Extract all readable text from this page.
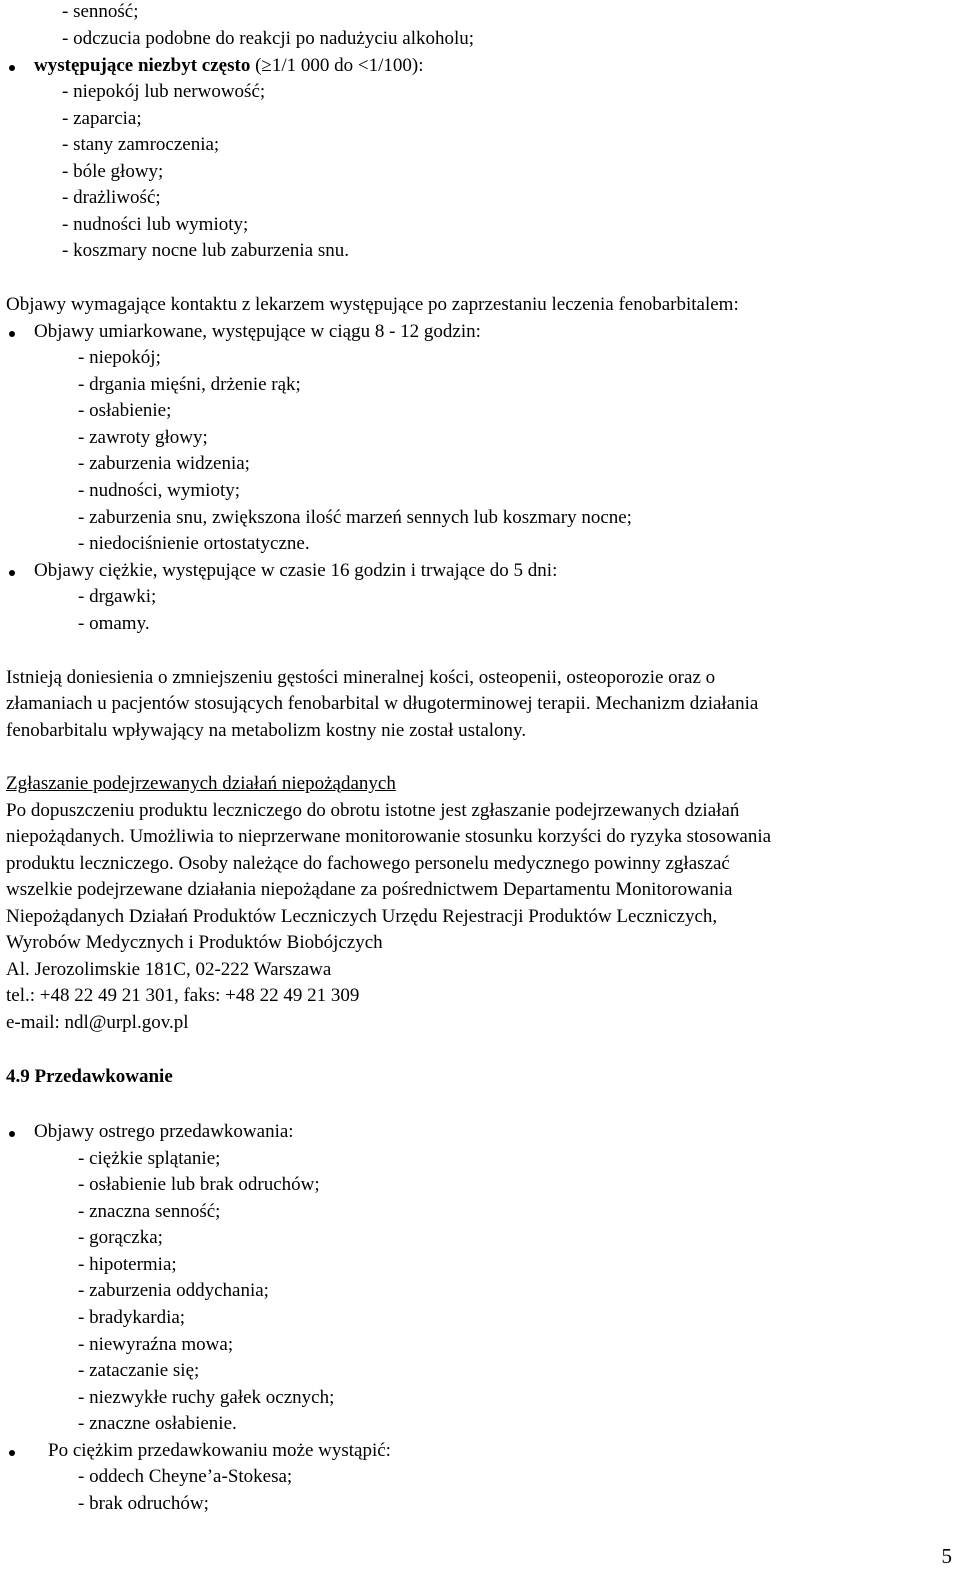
- senność;
- odczucia podobne do reakcji po nadużyciu alkoholu;
występujące niezbyt często (≥1/1 000 do <1/100):
- niepokój lub nerwowość;
- zaparcia;
- stany zamroczenia;
- bóle głowy;
- drażliwość;
- nudności lub wymioty;
- koszmary nocne lub zaburzenia snu.
Objawy wymagające kontaktu z lekarzem występujące po zaprzestaniu leczenia fenobarbitalem:
Objawy umiarkowane, występujące w ciągu 8 - 12 godzin:
- niepokój;
- drgania mięśni, drżenie rąk;
- osłabienie;
- zawroty głowy;
- zaburzenia widzenia;
- nudności, wymioty;
- zaburzenia snu, zwiększona ilość marzeń sennych lub koszmary nocne;
- niedociśnienie ortostatyczne.
Objawy ciężkie, występujące w czasie 16 godzin i trwające do 5 dni:
- drgawki;
- omamy.
Istnieją doniesienia o zmniejszeniu gęstości mineralnej kości, osteopenii, osteoporozie oraz o
złamaniach u pacjentów stosujących fenobarbital w długoterminowej terapii. Mechanizm działania
fenobarbitalu wpływający na metabolizm kostny nie został ustalony.
Zgłaszanie podejrzewanych działań niepożądanych
Po dopuszczeniu produktu leczniczego do obrotu istotne jest zgłaszanie podejrzewanych działań
niepożądanych. Umożliwia to nieprzerwane monitorowanie stosunku korzyści do ryzyka stosowania
produktu leczniczego. Osoby należące do fachowego personelu medycznego powinny zgłaszać
wszelkie podejrzewane działania niepożądane za pośrednictwem Departamentu Monitorowania
Niepożądanych Działań Produktów Leczniczych Urzędu Rejestracji Produktów Leczniczych,
Wyrobów Medycznych i Produktów Biobójczych
Al. Jerozolimskie 181C, 02-222 Warszawa
tel.: +48 22 49 21 301, faks: +48 22 49 21 309
e-mail: ndl@urpl.gov.pl
4.9 Przedawkowanie
Objawy ostrego przedawkowania:
- ciężkie splątanie;
- osłabienie lub brak odruchów;
- znaczna senność;
- gorączka;
- hipotermia;
- zaburzenia oddychania;
- bradykardia;
- niewyraźna mowa;
- zataczanie się;
- niezwykłe ruchy gałek ocznych;
- znaczne osłabienie.
Po ciężkim przedawkowaniu może wystąpić:
- oddech Cheyne’a-Stokesa;
- brak odruchów;
5
